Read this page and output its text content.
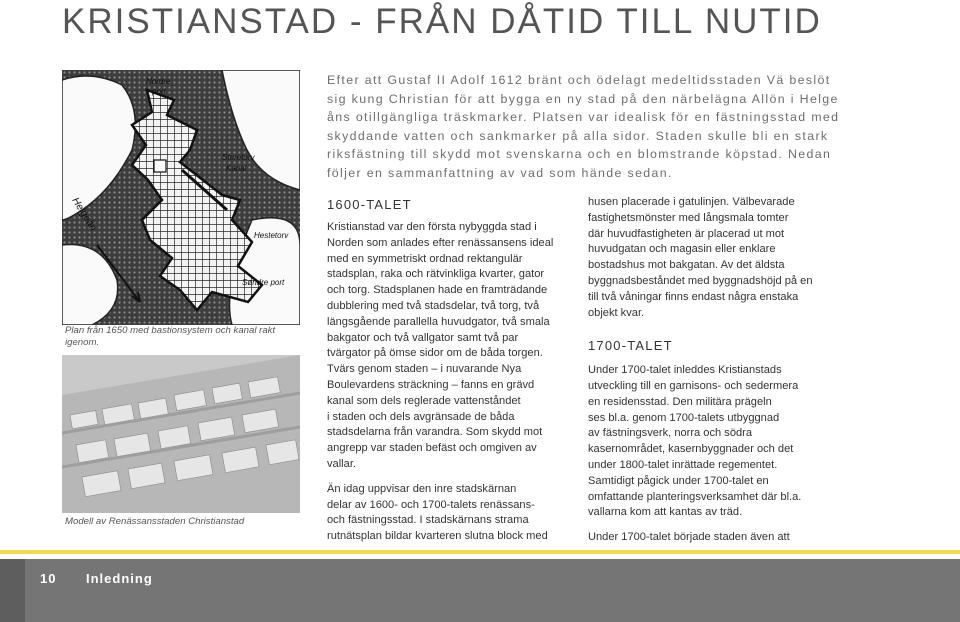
KRISTIANSTAD - FRÅN DÅTID TILL NUTID
Efter att Gustaf II Adolf 1612 bränt och ödelagt medeltidsstaden Vä beslöt
sig kung Christian för att bygga en ny stad på den närbelägna Allön i Helge
åns otillgängliga träskmarker. Platsen var idealisk för en fästningsstad med
skyddande vatten och sankmarker på alla sidor. Staden skulle bli en stark
riksfästning till skydd mot svenskarna och en blomstrande köpstad. Nedan
följer en sammanfattning av vad som hände sedan.
Nordre
port
Storetorv
Kanal
Helgeån
Hestetorv
Søndre port
Plan från 1650 med bastionsystem och kanal rakt igenom.
Modell av Renässansstaden Christianstad
1600-TALET
Kristianstad var den första nybyggda stad i
Norden som anlades efter renässansens ideal
med en symmetriskt ordnad rektangulär
stadsplan, raka och rätvinkliga kvarter, gator
och torg. Stadsplanen hade en framträdande
dubblering med två stadsdelar, två torg, två
längsgående parallella huvudgator, två smala
bakgator och två vallgator samt två par
tvärgator på ömse sidor om de båda torgen.
Tvärs genom staden – i nuvarande Nya
Boulevardens sträckning – fanns en grävd
kanal som dels reglerade vattenståndet
i staden och dels avgränsade de båda
stadsdelarna från varandra. Som skydd mot
angrepp var staden befäst och omgiven av
vallar.
Än idag uppvisar den inre stadskärnan
delar av 1600- och 1700-talets renässans-
och fästningsstad. I stadskärnans strama
rutnätsplan bildar kvarteren slutna block med
husen placerade i gatulinjen. Välbevarade
fastighetsmönster med långsmala tomter
där huvudfastigheten är placerad ut mot
huvudgatan och magasin eller enklare
bostadshus mot bakgatan. Av det äldsta
byggnadsbeståndet med byggnadshöjd på en
till två våningar finns endast några enstaka
objekt kvar.
1700-TALET
Under 1700-talet inleddes Kristianstads
utveckling till en garnisons- och sedermera
en residensstad. Den militära prägeln
ses bl.a. genom 1700-talets utbyggnad
av fästningsverk, norra och södra
kasernområdet, kasernbyggnader och det
under 1800-talet inrättade regementet.
Samtidigt pågick under 1700-talet en
omfattande planteringsverksamhet där bl.a.
vallarna kom att kantas av träd.
Under 1700-talet började staden även att
10 Inledning
